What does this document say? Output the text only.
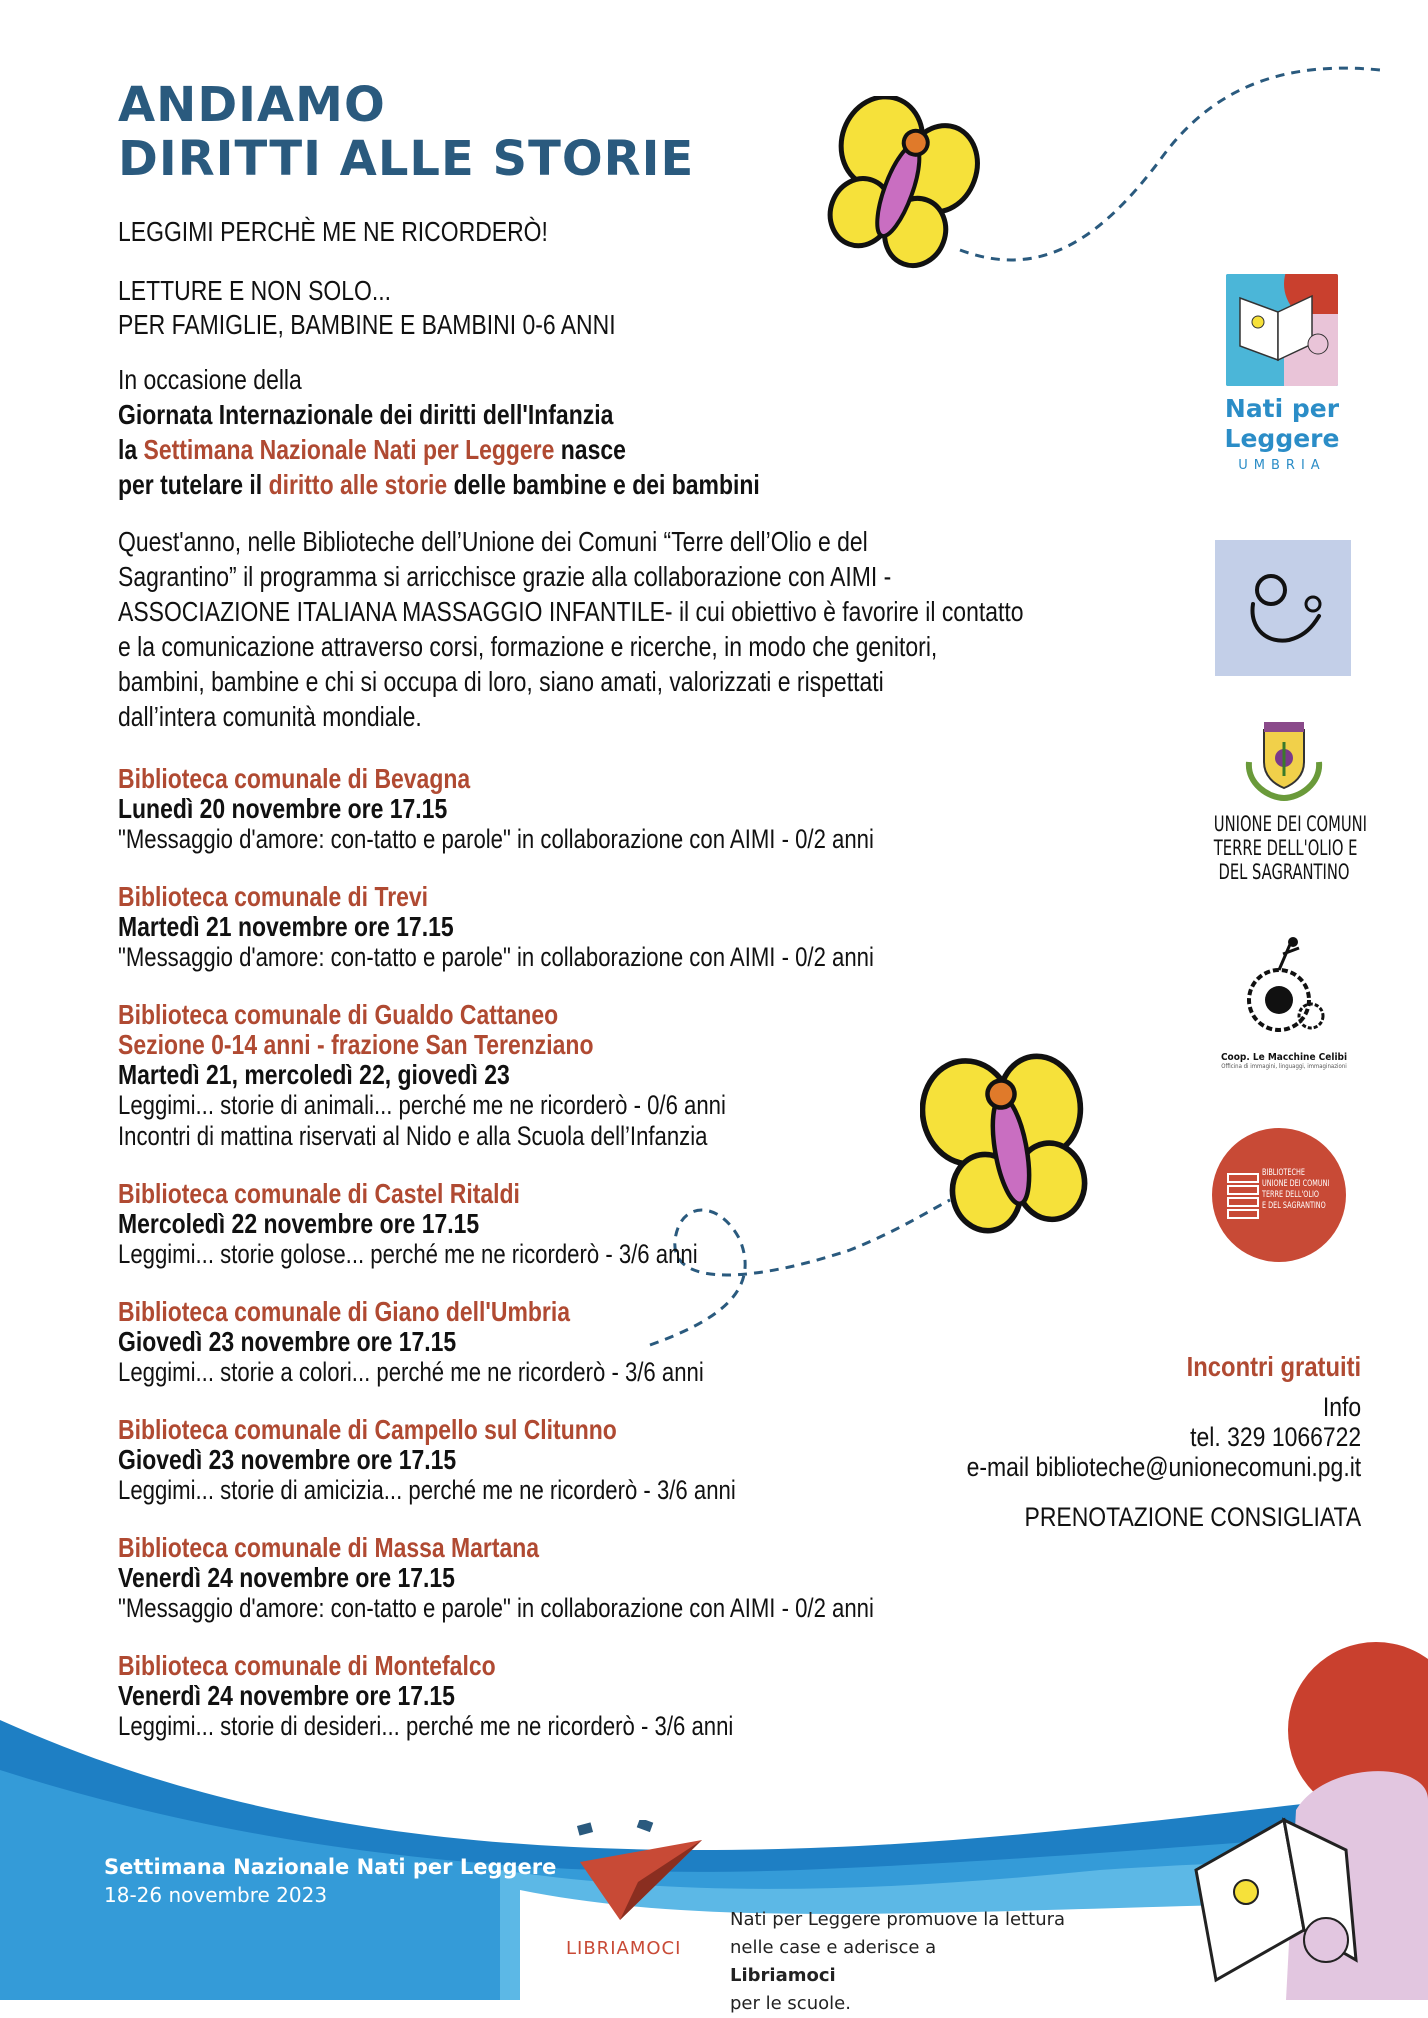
ANDIAMO
DIRITTI ALLE STORIE
LEGGIMI PERCHÈ ME NE RICORDERÒ!
LETTURE E NON SOLO...
PER FAMIGLIE, BAMBINE E BAMBINI 0-6 ANNI
In occasione della
Giornata Internazionale dei diritti dell'Infanzia
la Settimana Nazionale Nati per Leggere nasce
per tutelare il diritto alle storie delle bambine e dei bambini
Quest'anno, nelle Biblioteche dell’Unione dei Comuni “Terre dell’Olio e del
Sagrantino” il programma si arricchisce grazie alla collaborazione con AIMI -
ASSOCIAZIONE ITALIANA MASSAGGIO INFANTILE- il cui obiettivo è favorire il contatto
e la comunicazione attraverso corsi, formazione e ricerche, in modo che genitori,
bambini, bambine e chi si occupa di loro, siano amati, valorizzati e rispettati
dall’intera comunità mondiale.
Biblioteca comunale di Bevagna
Lunedì 20 novembre ore 17.15
"Messaggio d'amore: con-tatto e parole" in collaborazione con AIMI - 0/2 anni
Biblioteca comunale di Trevi
Martedì 21 novembre ore 17.15
"Messaggio d'amore: con-tatto e parole" in collaborazione con AIMI - 0/2 anni
Biblioteca comunale di Gualdo Cattaneo
Sezione 0-14 anni - frazione San Terenziano
Martedì 21, mercoledì 22, giovedì 23
Leggimi... storie di animali... perché me ne ricorderò - 0/6 anni
Incontri di mattina riservati al Nido e alla Scuola dell’Infanzia
Biblioteca comunale di Castel Ritaldi
Mercoledì 22 novembre ore 17.15
Leggimi... storie golose... perché me ne ricorderò - 3/6 anni
Biblioteca comunale di Giano dell'Umbria
Giovedì 23 novembre ore 17.15
Leggimi... storie a colori... perché me ne ricorderò - 3/6 anni
Biblioteca comunale di Campello sul Clitunno
Giovedì 23 novembre ore 17.15
Leggimi... storie di amicizia... perché me ne ricorderò - 3/6 anni
Biblioteca comunale di Massa Martana
Venerdì 24 novembre ore 17.15
"Messaggio d'amore: con-tatto e parole" in collaborazione con AIMI - 0/2 anni
Biblioteca comunale di Montefalco
Venerdì 24 novembre ore 17.15
Leggimi... storie di desideri... perché me ne ricorderò - 3/6 anni
Incontri gratuiti
Info
tel. 329 1066722
e-mail biblioteche@unionecomuni.pg.it
PRENOTAZIONE CONSIGLIATA
Nati per
Leggere
UMBRIA
UNIONE DEI COMUNI
TERRE DELL'OLIO E
DEL SAGRANTINO
Coop. Le Macchine Celibi
Officina di immagini, linguaggi, immaginazioni
BIBLIOTECHE
UNIONE DEI COMUNI
TERRE DELL'OLIO
E DEL SAGRANTINO
Settimana Nazionale Nati per Leggere
18-26 novembre 2023
LIBRIAMOCI
Nati per Leggere promuove la lettura
nelle case e aderisce a
Libriamoci
per le scuole.
